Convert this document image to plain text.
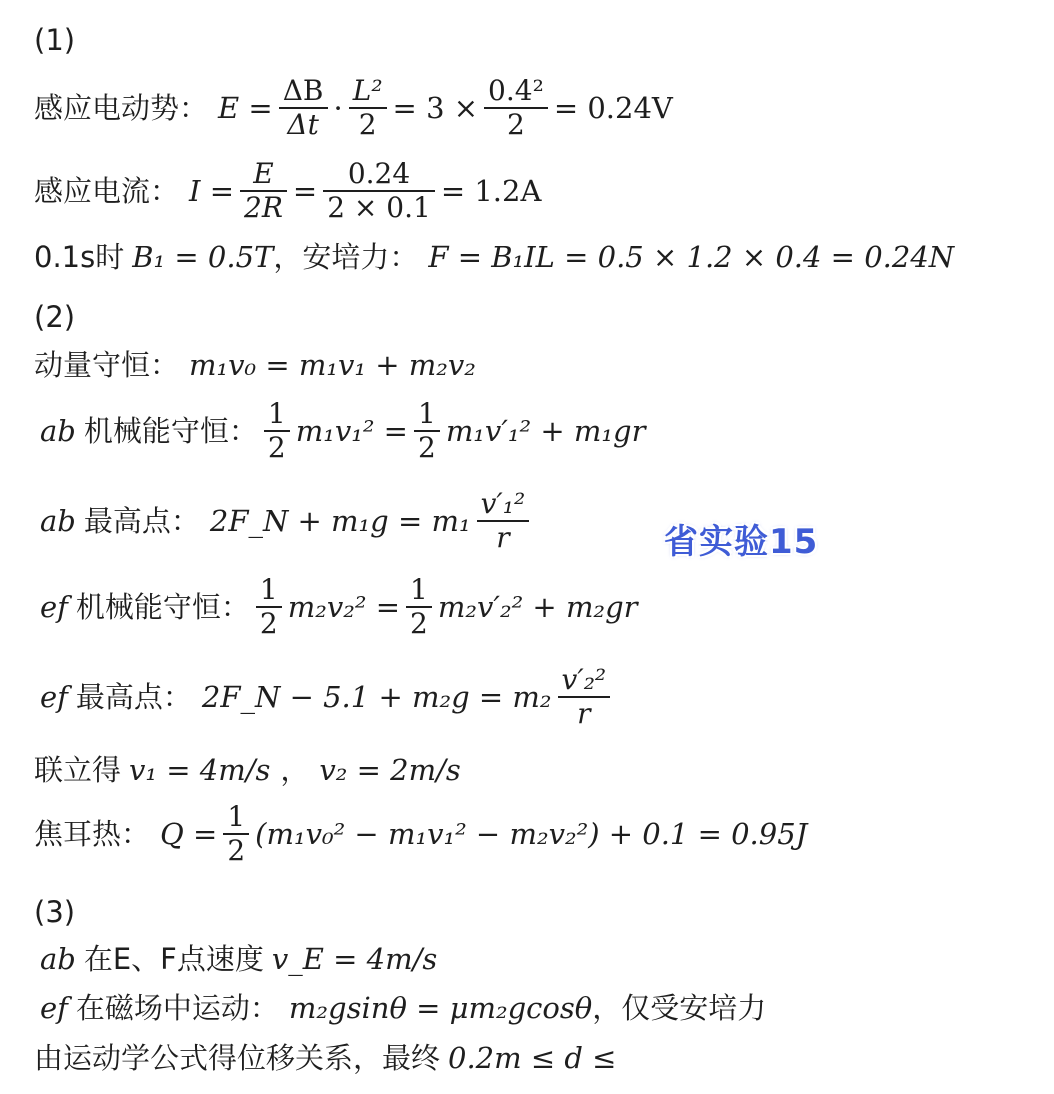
(1)
感应电动势： $E = \frac{\Delta B}{\Delta t} \cdot \frac{\text{L²}}{2} = 3 \times \frac{\text{0.4²}}{2} = 0.24V$
感应电流： $I = \frac{E}{2R} = \frac{0.24}{2 \times 0.1} = 1.2A$
0.1s时 B₁ = 0.5T ，安培力： F = B₁IL = 0.5 × 1.2 × 0.4 = 0.24N
(2)
动量守恒： m₁v₀ = m₁v₁ + m₂v₂
ab 机械能守恒： $\frac{1}{2} m_1v_1^2 = \frac{1}{2} m_1v'_1^2 + m_1gr$
ab 最高点： 2F_N + $m_1g = m_1 \frac{\text{v′₁²}}{r}$	省实验15
ef 机械能守恒： $\frac{1}{2} m_2v_2^2 = \frac{1}{2} m_2v'_2^2 + m_2gr$
ef 最高点： 2F_N − $5.1 + m_2g = m_2 \frac{\text{v′₂²}}{r}$
联立得 v₁ = 4m/s ， v₂ = 2m/s
焦耳热： $Q = \frac{1}{2} (m_1v_0^2 - m_1v_1^2 - m_2v_2^2) + 0.1 = 0.95J$
(3)
ab 在E、F点速度 v_E = 4m/s
ef 在磁场中运动： m₂gsinθ = μm₂gcosθ ，仅受安培力
由运动学公式得位移关系，最终 0.2m ≤ d ≤
